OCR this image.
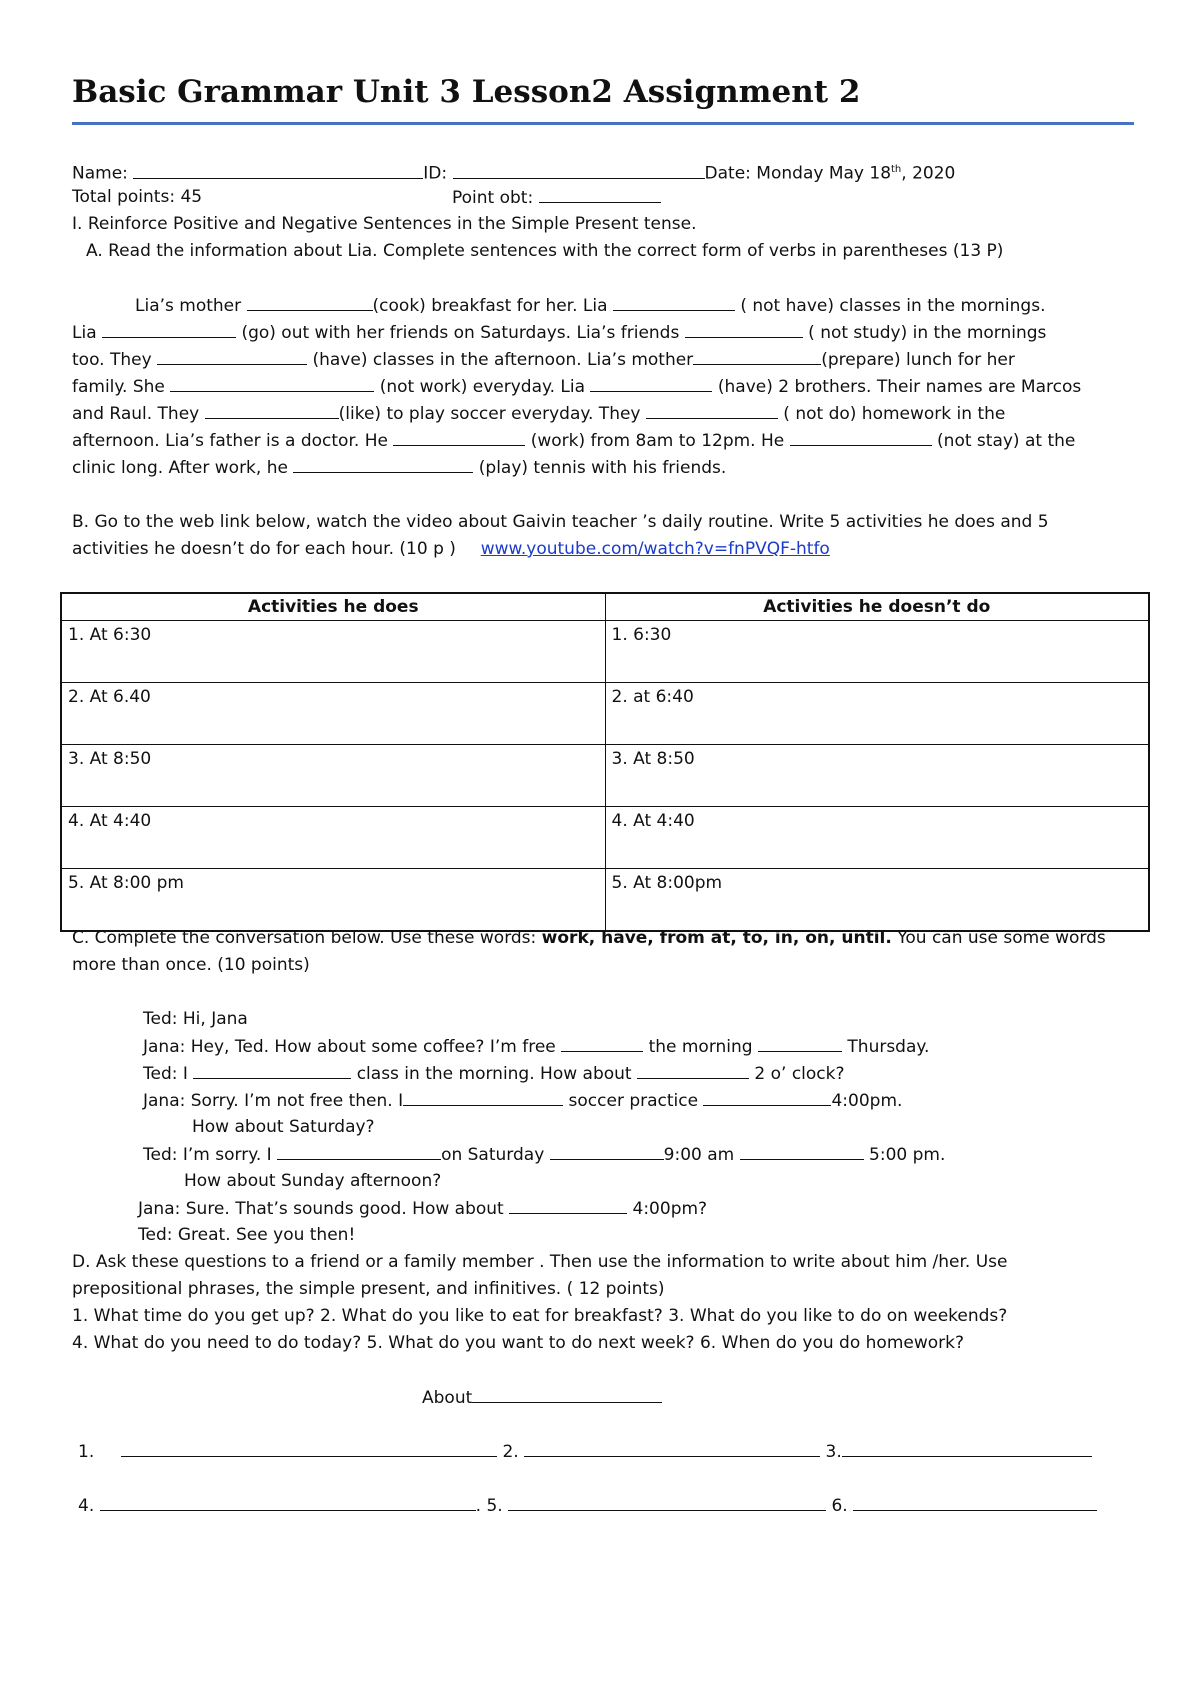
Basic Grammar Unit 3 Lesson2 Assignment 2
Name:	ID:	Date: Monday May 18th, 2020
Total points: 45	Point obt:
I. Reinforce Positive and Negative Sentences in the Simple Present tense.
A. Read the information about Lia. Complete sentences with the correct form of verbs in parentheses (13 P)
Lia’s mother	(cook) breakfast for her. Lia	( not have) classes in the mornings.
Lia	(go) out with her friends on Saturdays. Lia’s friends	( not study) in the mornings
too. They	(have) classes in the afternoon. Lia’s mother	(prepare) lunch for her
family. She	(not work) everyday. Lia	(have) 2 brothers. Their names are Marcos
and Raul. They	(like) to play soccer everyday. They	( not do) homework in the
afternoon. Lia’s father is a doctor. He	(work) from 8am to 12pm. He	(not stay) at the
clinic long. After work, he	(play) tennis with his friends.
B. Go to the web link below, watch the video about Gaivin teacher ’s daily routine. Write 5 activities he does and 5
activities he doesn’t do for each hour. (10 p ) www.youtube.com/watch?v=fnPVQF-htfo
Activities he does	Activities he doesn’t do
1. At 6:30	1. 6:30
2. At 6.40	2. at 6:40
3. At 8:50	3. At 8:50
4. At 4:40	4. At 4:40
5. At 8:00 pm	5. At 8:00pm
C. Complete the conversation below. Use these words: work, have, from at, to, in, on, until. You can use some words
more than once. (10 points)
Ted: Hi, Jana
Jana: Hey, Ted. How about some coffee? I’m free	the morning	Thursday.
Ted: I	class in the morning. How about	2 o’ clock?
Jana: Sorry. I’m not free then. I	soccer practice	4:00pm.
How about Saturday?
Ted: I’m sorry. I	on Saturday	9:00 am	5:00 pm.
How about Sunday afternoon?
Jana: Sure. That’s sounds good. How about	4:00pm?
Ted: Great. See you then!
D. Ask these questions to a friend or a family member . Then use the information to write about him /her. Use
prepositional phrases, the simple present, and infinitives. ( 12 points)
1. What time do you get up? 2. What do you like to eat for breakfast? 3. What do you like to do on weekends?
4. What do you need to do today? 5. What do you want to do next week? 6. When do you do homework?
About
1.	2.	3.
4.	. 5.	6.
